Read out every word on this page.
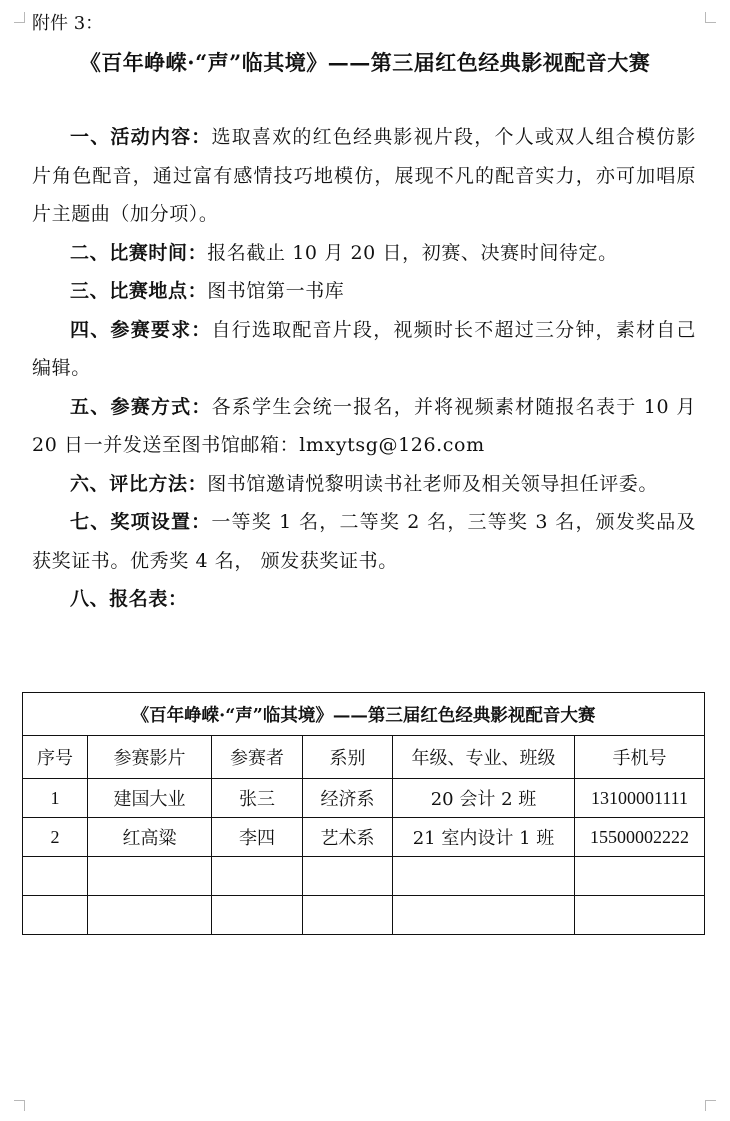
附件 3：
《百年峥嵘·“声”临其境》——第三届红色经典影视配音大赛

一、活动内容：选取喜欢的红色经典影视片段，个人或双人组合模仿影片角色配音，通过富有感情技巧地模仿，展现不凡的配音实力，亦可加唱原片主题曲（加分项）。

二、比赛时间：报名截止 10 月 20 日，初赛、决赛时间待定。

三、比赛地点：图书馆第一书库

四、参赛要求：自行选取配音片段，视频时长不超过三分钟，素材自己编辑。

五、参赛方式：各系学生会统一报名，并将视频素材随报名表于 10 月 20 日一并发送至图书馆邮箱：lmxytsg@126.com

六、评比方法：图书馆邀请悦黎明读书社老师及相关领导担任评委。

七、奖项设置：一等奖 1 名，二等奖 2 名，三等奖 3 名，颁发奖品及获奖证书。优秀奖 4 名， 颁发获奖证书。

八、报名表：

《百年峥嵘·“声”临其境》——第三届红色经典影视配音大赛					
序号	参赛影片	参赛者	系别	年级、专业、班级	手机号
1	建国大业	张三	经济系	20 会计 2 班	13100001111
2	红高粱	李四	艺术系	21 室内设计 1 班	15500002222
